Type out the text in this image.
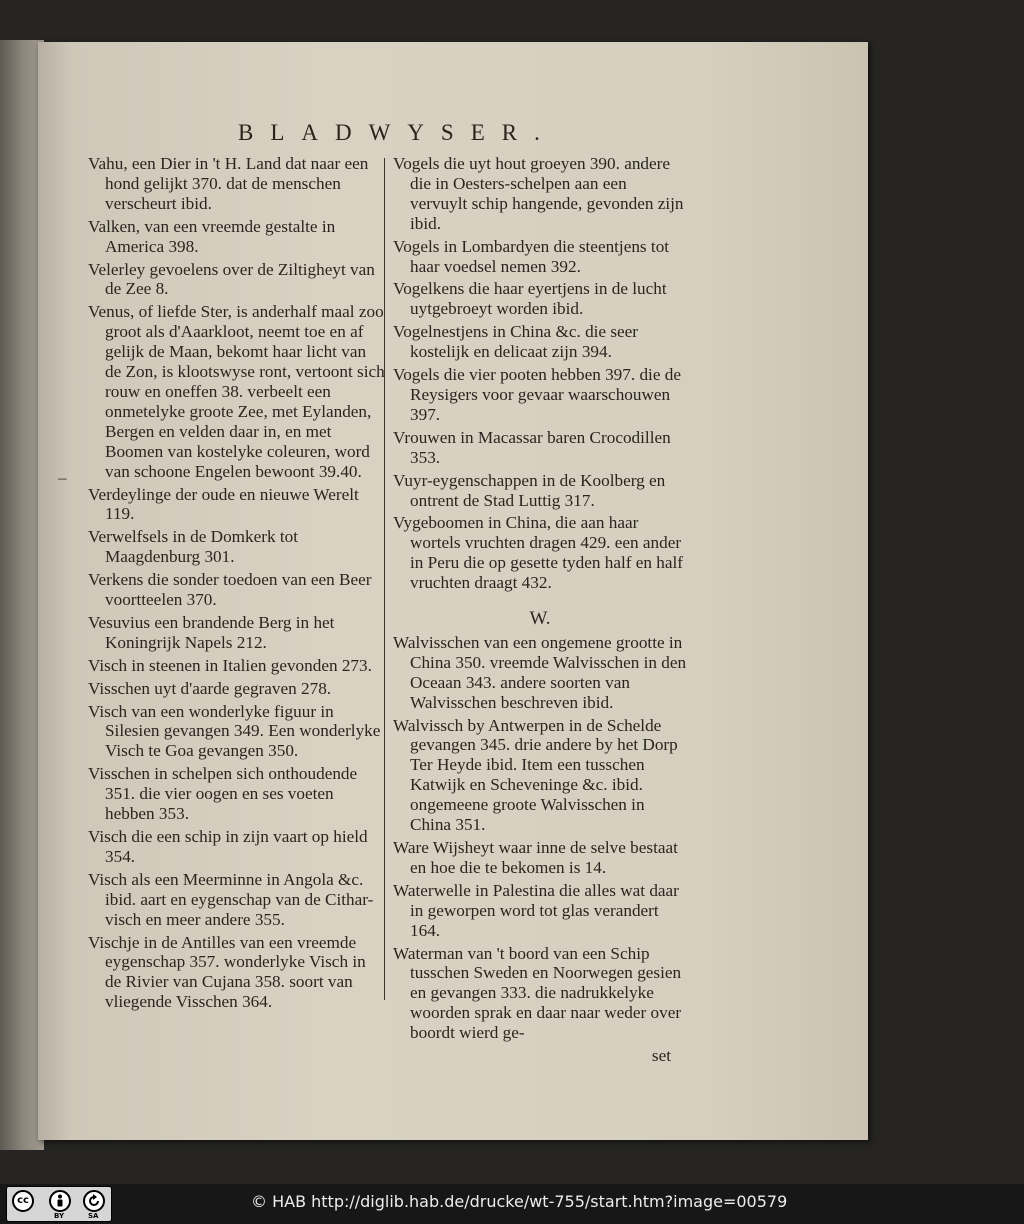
BLADWYSER.

Vahu, een Dier in 't H. Land dat naar een hond gelijkt 370. dat de menschen verscheurt ibid.

Valken, van een vreemde gestalte in America 398.

Velerley gevoelens over de Ziltigheyt van de Zee 8.

Venus, of liefde Ster, is anderhalf maal zoo groot als d'Aaarkloot, neemt toe en af gelijk de Maan, bekomt haar licht van de Zon, is klootswyse ront, vertoont sich rouw en oneffen 38. verbeelt een onmetelyke groote Zee, met Eylanden, Bergen en velden daar in, en met Boomen van kostelyke coleuren, word van schoone Engelen bewoont 39.40.

Verdeylinge der oude en nieuwe Werelt 119.

Verwelfsels in de Domkerk tot Maagdenburg 301.

Verkens die sonder toedoen van een Beer voortteelen 370.

Vesuvius een brandende Berg in het Koningrijk Napels 212.

Visch in steenen in Italien gevonden 273.

Visschen uyt d'aarde gegraven 278.

Visch van een wonderlyke figuur in Silesien gevangen 349. Een wonderlyke Visch te Goa gevangen 350.

Visschen in schelpen sich onthoudende 351. die vier oogen en ses voeten hebben 353.

Visch die een schip in zijn vaart op hield 354.

Visch als een Meerminne in Angola &c. ibid. aart en eygenschap van de Cithar-visch en meer andere 355.

Vischje in de Antilles van een vreemde eygenschap 357. wonderlyke Visch in de Rivier van Cujana 358. soort van vliegende Visschen 364.

–

Vogels die uyt hout groeyen 390. andere die in Oesters-schelpen aan een vervuylt schip hangende, gevonden zijn ibid.

Vogels in Lombardyen die steentjens tot haar voedsel nemen 392.

Vogelkens die haar eyertjens in de lucht uytgebroeyt worden ibid.

Vogelnestjens in China &c. die seer kostelijk en delicaat zijn 394.

Vogels die vier pooten hebben 397. die de Reysigers voor gevaar waarschouwen 397.

Vrouwen in Macassar baren Crocodillen 353.

Vuyr-eygenschappen in de Koolberg en ontrent de Stad Luttig 317.

Vygeboomen in China, die aan haar wortels vruchten dragen 429. een ander in Peru die op gesette tyden half en half vruchten draagt 432.

W.

Walvisschen van een ongemene grootte in China 350. vreemde Walvisschen in den Oceaan 343. andere soorten van Walvisschen beschreven ibid.

Walvissch by Antwerpen in de Schelde gevangen 345. drie andere by het Dorp Ter Heyde ibid. Item een tusschen Katwijk en Scheveninge &c. ibid. ongemeene groote Walvisschen in China 351.

Ware Wijsheyt waar inne de selve bestaat en hoe die te bekomen is 14.

Waterwelle in Palestina die alles wat daar in geworpen word tot glas verandert 164.

Waterman van 't boord van een Schip tusschen Sweden en Noorwegen gesien en gevangen 333. die nadrukkelyke woorden sprak en daar naar weder over boordt wierd ge-

set
cc
BY	SA
© HAB http://diglib.hab.de/drucke/wt-755/start.htm?image=00579
